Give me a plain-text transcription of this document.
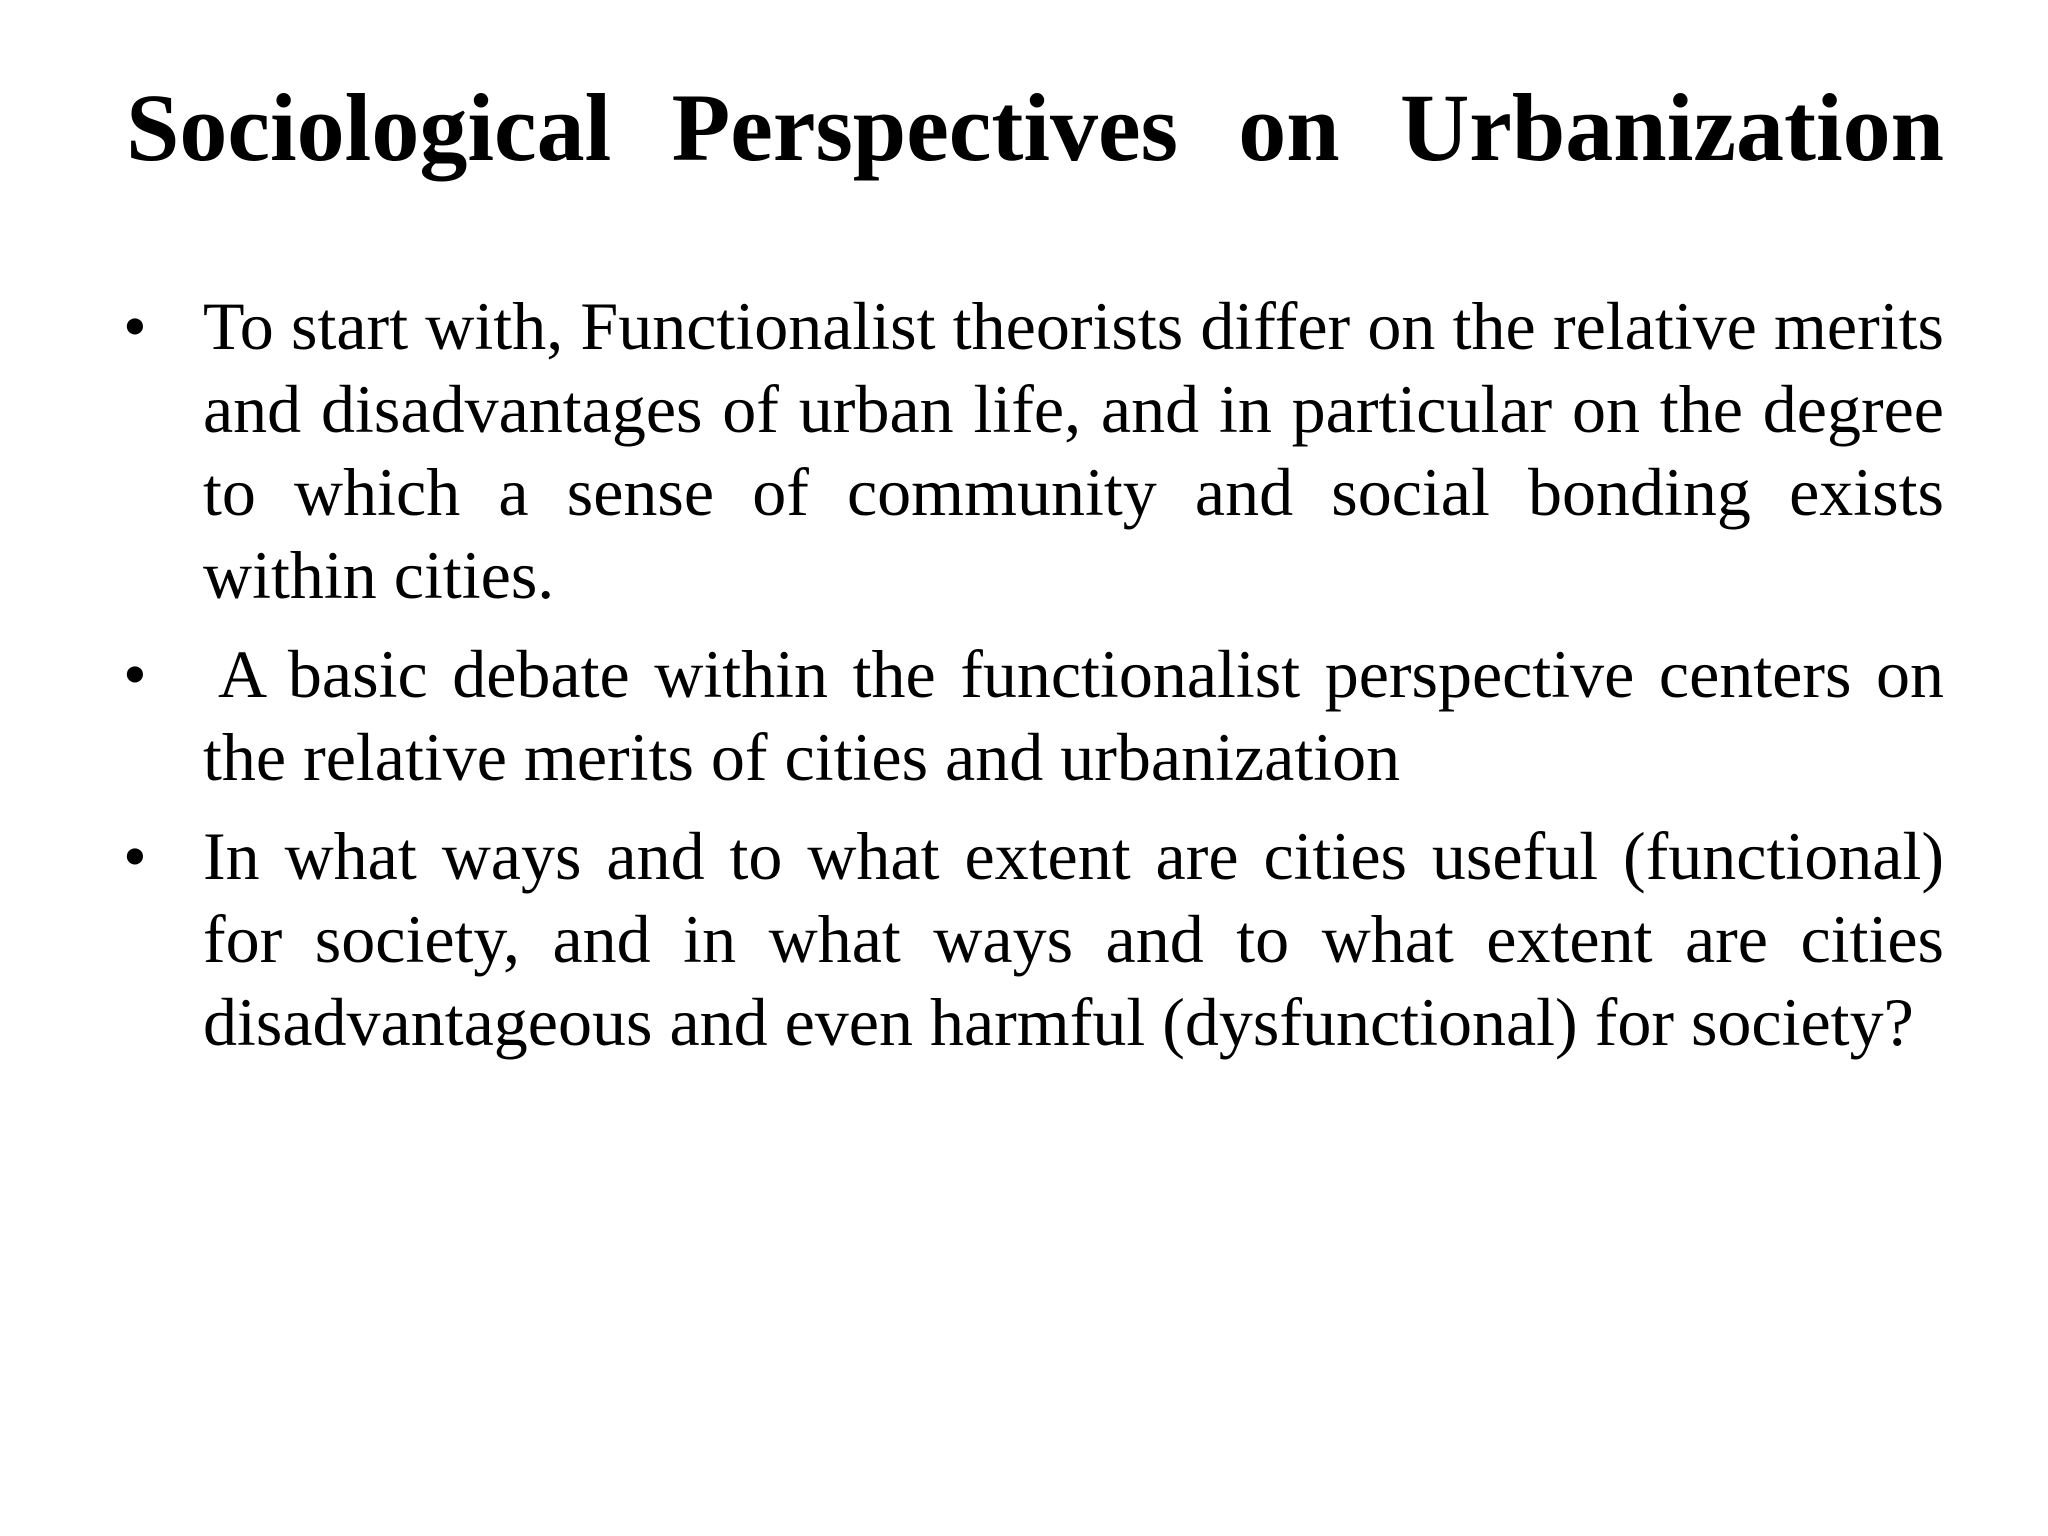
Sociological Perspectives on Urbanization
• To start with, Functionalist theorists differ on the relative merits and disadvantages of urban life, and in particular on the degree to which a sense of community and social bonding exists within cities.
• A basic debate within the functionalist perspective centers on the relative merits of cities and urbanization
• In what ways and to what extent are cities useful (functional) for society, and in what ways and to what extent are cities disadvantageous and even harmful (dysfunctional) for society?
